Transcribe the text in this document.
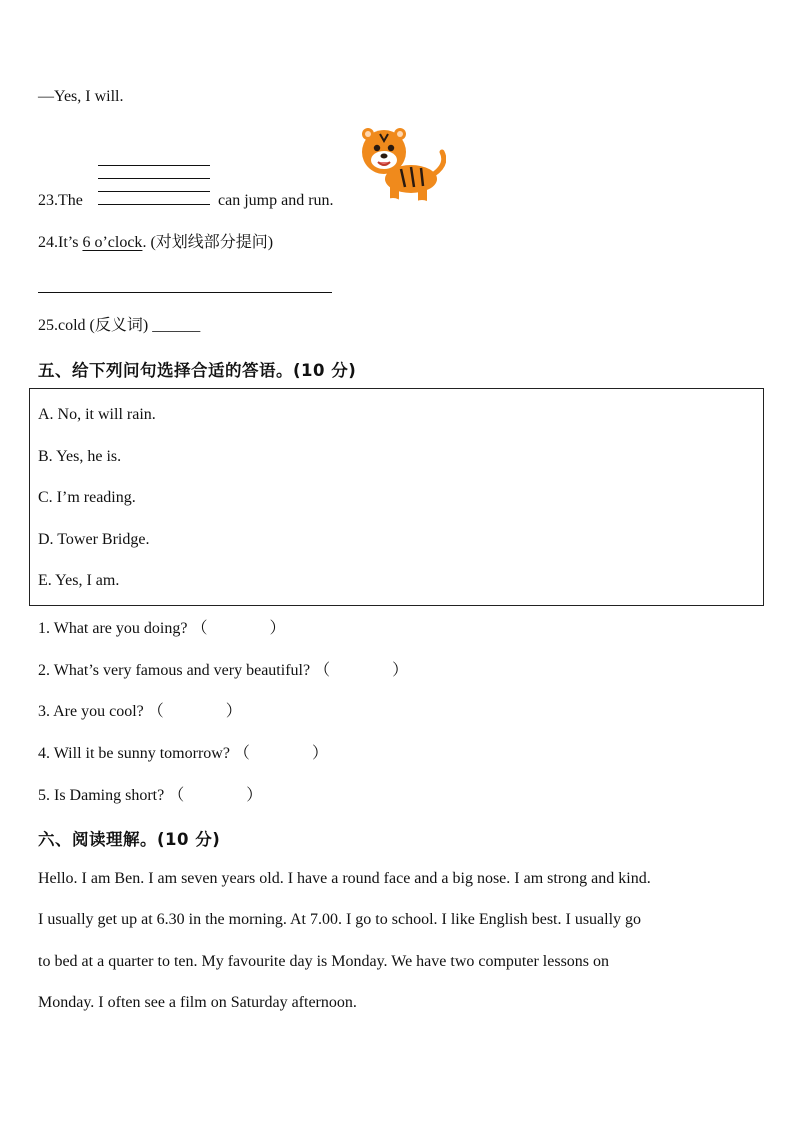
—Yes, I will.
23.The	can jump and run.
24.It’s 6 o’clock. (对划线部分提问)
25.cold (反义词) ______
五、给下列问句选择合适的答语。(10 分)
A. No, it will rain.
B. Yes, he is.
C. I’m reading.
D. Tower Bridge.
E. Yes, I am.
1. What are you doing? （	）
2. What’s very famous and very beautiful? （	）
3. Are you cool? （	）
4. Will it be sunny tomorrow? （	）
5. Is Daming short? （	）
六、阅读理解。(10 分)
Hello. I am Ben. I am seven years old. I have a round face and a big nose. I am strong and kind.
I usually get up at 6.30 in the morning. At 7.00. I go to school. I like English best. I usually go
to bed at a quarter to ten. My favourite day is Monday. We have two computer lessons on
Monday. I often see a film on Saturday afternoon.
